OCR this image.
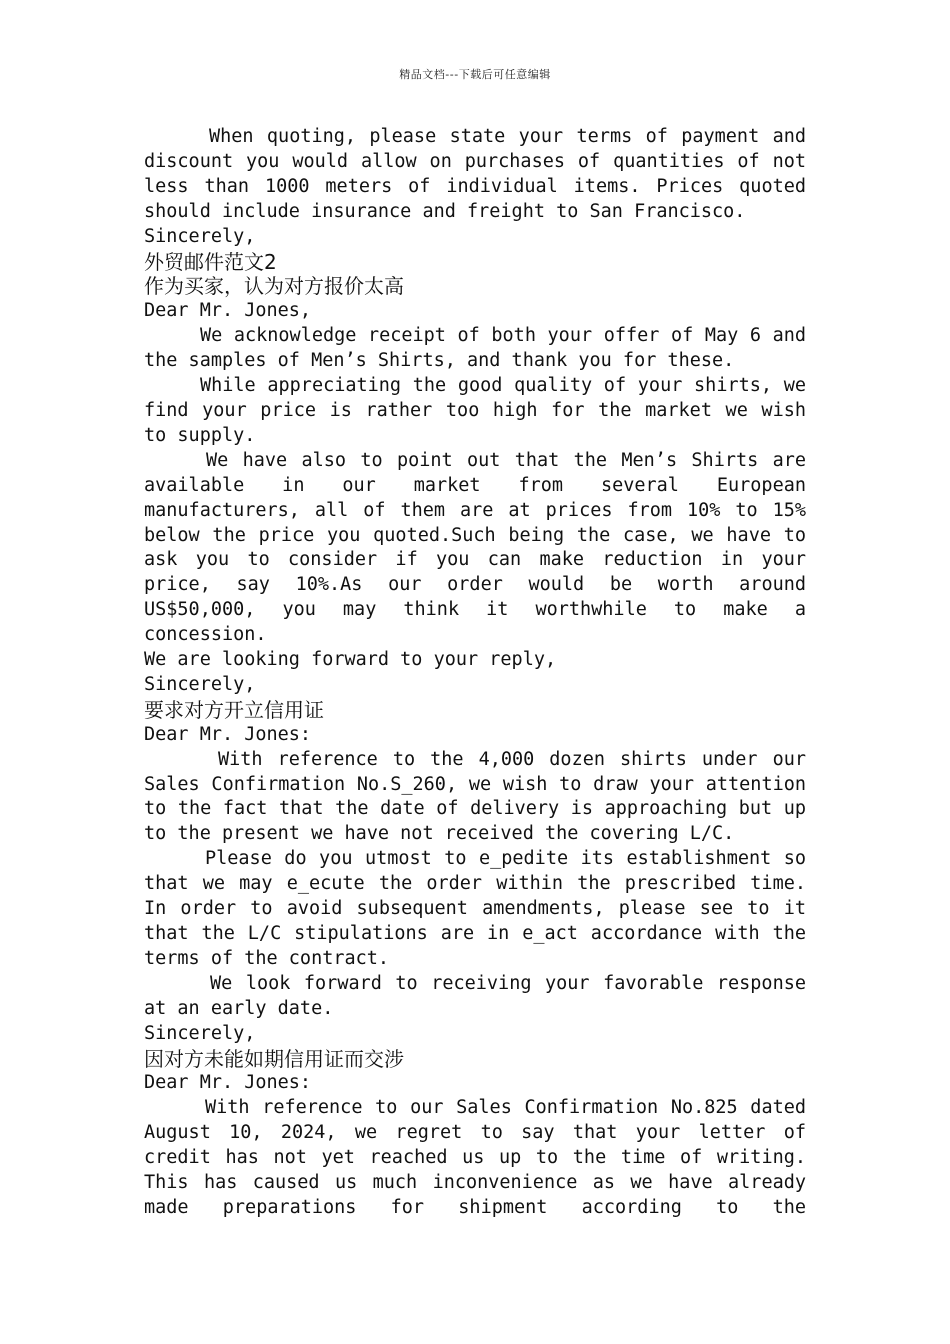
精品文档---下载后可任意编辑

When quoting, please state your terms of payment and

discount you would allow on purchases of quantities of not

less than 1000 meters of individual items. Prices quoted

should include insurance and freight to San Francisco.

Sincerely,

外贸邮件范文2

作为买家，认为对方报价太高

Dear Mr. Jones,

We acknowledge receipt of both your offer of May 6 and

the samples of Men’s Shirts, and thank you for these.

While appreciating the good quality of your shirts, we

find your price is rather too high for the market we wish

to supply.

We have also to point out that the Men’s Shirts are

available in our market from several European

manufacturers, all of them are at prices from 10% to 15%

below the price you quoted.Such being the case, we have to

ask you to consider if you can make reduction in your

price, say 10%.As our order would be worth around

US$50,000, you may think it worthwhile to make a

concession.

We are looking forward to your reply,

Sincerely,

要求对方开立信用证

Dear Mr. Jones:

With reference to the 4,000 dozen shirts under our

Sales Confirmation No.S_260, we wish to draw your attention

to the fact that the date of delivery is approaching but up

to the present we have not received the covering L/C.

Please do you utmost to e_pedite its establishment so

that we may e_ecute the order within the prescribed time.

In order to avoid subsequent amendments, please see to it

that the L/C stipulations are in e_act accordance with the

terms of the contract.

We look forward to receiving your favorable response

at an early date.

Sincerely,

因对方未能如期信用证而交涉

Dear Mr. Jones:

With reference to our Sales Confirmation No.825 dated

August 10, 2024, we regret to say that your letter of

credit has not yet reached us up to the time of writing.

This has caused us much inconvenience as we have already

made preparations for shipment according to the
